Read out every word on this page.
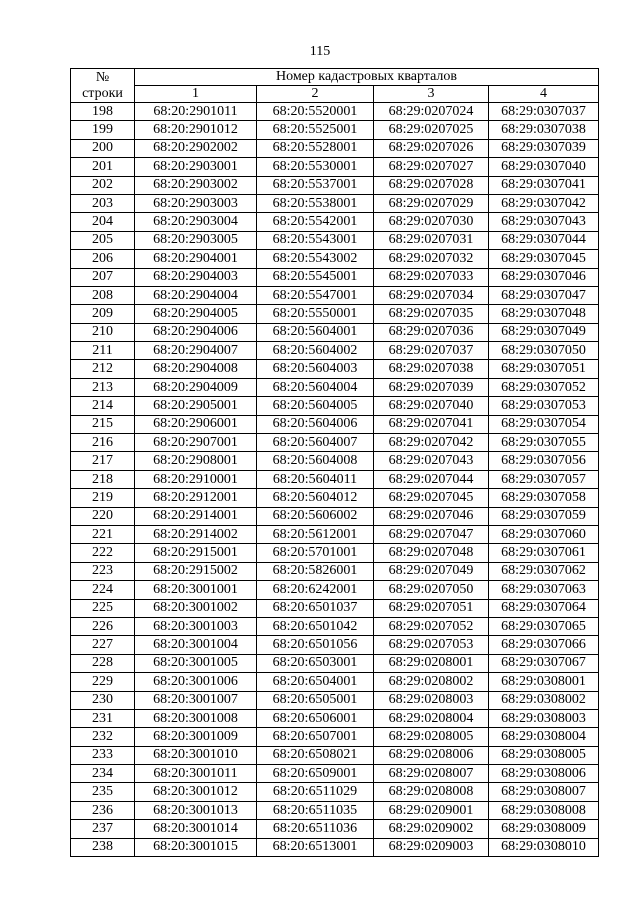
115
№
строки	Номер кадастровых кварталов			
	1	2	3	4
198	68:20:2901011	68:20:5520001	68:29:0207024	68:29:0307037
199	68:20:2901012	68:20:5525001	68:29:0207025	68:29:0307038
200	68:20:2902002	68:20:5528001	68:29:0207026	68:29:0307039
201	68:20:2903001	68:20:5530001	68:29:0207027	68:29:0307040
202	68:20:2903002	68:20:5537001	68:29:0207028	68:29:0307041
203	68:20:2903003	68:20:5538001	68:29:0207029	68:29:0307042
204	68:20:2903004	68:20:5542001	68:29:0207030	68:29:0307043
205	68:20:2903005	68:20:5543001	68:29:0207031	68:29:0307044
206	68:20:2904001	68:20:5543002	68:29:0207032	68:29:0307045
207	68:20:2904003	68:20:5545001	68:29:0207033	68:29:0307046
208	68:20:2904004	68:20:5547001	68:29:0207034	68:29:0307047
209	68:20:2904005	68:20:5550001	68:29:0207035	68:29:0307048
210	68:20:2904006	68:20:5604001	68:29:0207036	68:29:0307049
211	68:20:2904007	68:20:5604002	68:29:0207037	68:29:0307050
212	68:20:2904008	68:20:5604003	68:29:0207038	68:29:0307051
213	68:20:2904009	68:20:5604004	68:29:0207039	68:29:0307052
214	68:20:2905001	68:20:5604005	68:29:0207040	68:29:0307053
215	68:20:2906001	68:20:5604006	68:29:0207041	68:29:0307054
216	68:20:2907001	68:20:5604007	68:29:0207042	68:29:0307055
217	68:20:2908001	68:20:5604008	68:29:0207043	68:29:0307056
218	68:20:2910001	68:20:5604011	68:29:0207044	68:29:0307057
219	68:20:2912001	68:20:5604012	68:29:0207045	68:29:0307058
220	68:20:2914001	68:20:5606002	68:29:0207046	68:29:0307059
221	68:20:2914002	68:20:5612001	68:29:0207047	68:29:0307060
222	68:20:2915001	68:20:5701001	68:29:0207048	68:29:0307061
223	68:20:2915002	68:20:5826001	68:29:0207049	68:29:0307062
224	68:20:3001001	68:20:6242001	68:29:0207050	68:29:0307063
225	68:20:3001002	68:20:6501037	68:29:0207051	68:29:0307064
226	68:20:3001003	68:20:6501042	68:29:0207052	68:29:0307065
227	68:20:3001004	68:20:6501056	68:29:0207053	68:29:0307066
228	68:20:3001005	68:20:6503001	68:29:0208001	68:29:0307067
229	68:20:3001006	68:20:6504001	68:29:0208002	68:29:0308001
230	68:20:3001007	68:20:6505001	68:29:0208003	68:29:0308002
231	68:20:3001008	68:20:6506001	68:29:0208004	68:29:0308003
232	68:20:3001009	68:20:6507001	68:29:0208005	68:29:0308004
233	68:20:3001010	68:20:6508021	68:29:0208006	68:29:0308005
234	68:20:3001011	68:20:6509001	68:29:0208007	68:29:0308006
235	68:20:3001012	68:20:6511029	68:29:0208008	68:29:0308007
236	68:20:3001013	68:20:6511035	68:29:0209001	68:29:0308008
237	68:20:3001014	68:20:6511036	68:29:0209002	68:29:0308009
238	68:20:3001015	68:20:6513001	68:29:0209003	68:29:0308010
